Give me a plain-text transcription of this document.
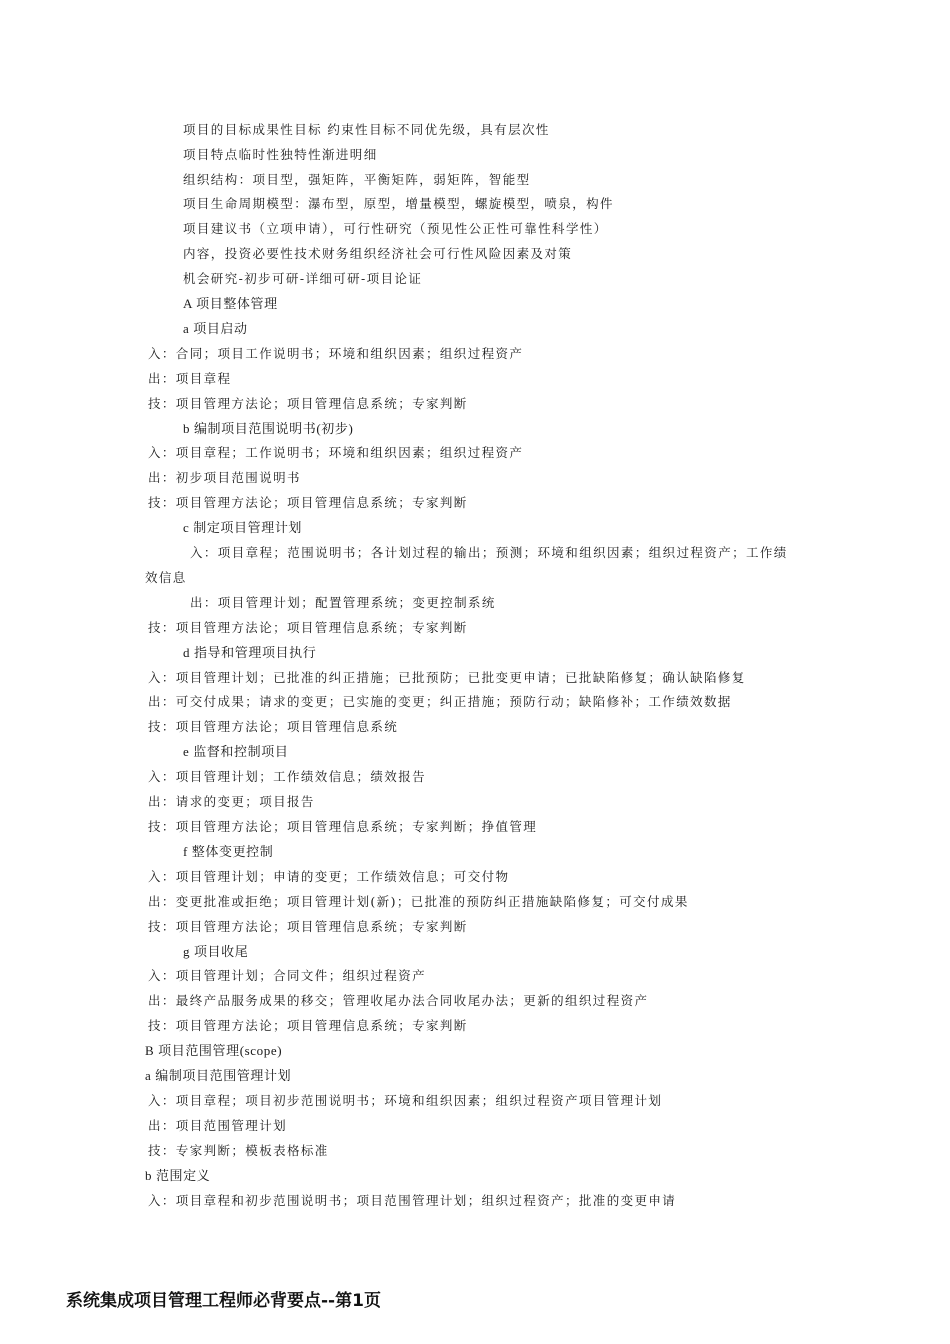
项目的目标成果性目标 约束性目标不同优先级，具有层次性
项目特点临时性独特性渐进明细
组织结构：项目型，强矩阵，平衡矩阵，弱矩阵，智能型
项目生命周期模型：瀑布型，原型，增量模型，螺旋模型，喷泉，构件
项目建议书（立项申请），可行性研究（预见性公正性可靠性科学性）
内容，投资必要性技术财务组织经济社会可行性风险因素及对策
机会研究-初步可研-详细可研-项目论证
A 项目整体管理
a 项目启动
入：合同；项目工作说明书；环境和组织因素；组织过程资产
出：项目章程
技：项目管理方法论；项目管理信息系统；专家判断
b 编制项目范围说明书(初步)
入：项目章程；工作说明书；环境和组织因素；组织过程资产
出：初步项目范围说明书
技：项目管理方法论；项目管理信息系统；专家判断
c 制定项目管理计划
入：项目章程；范围说明书；各计划过程的输出；预测；环境和组织因素；组织过程资产；工作绩
效信息
出：项目管理计划；配置管理系统；变更控制系统
技：项目管理方法论；项目管理信息系统；专家判断
d 指导和管理项目执行
入：项目管理计划；已批准的纠正措施；已批预防；已批变更申请；已批缺陷修复；确认缺陷修复
出：可交付成果；请求的变更；已实施的变更；纠正措施；预防行动；缺陷修补；工作绩效数据
技：项目管理方法论；项目管理信息系统
e 监督和控制项目
入：项目管理计划；工作绩效信息；绩效报告
出：请求的变更；项目报告
技：项目管理方法论；项目管理信息系统；专家判断；挣值管理
f 整体变更控制
入：项目管理计划；申请的变更；工作绩效信息；可交付物
出：变更批准或拒绝；项目管理计划(新)；已批准的预防纠正措施缺陷修复；可交付成果
技：项目管理方法论；项目管理信息系统；专家判断
g 项目收尾
入：项目管理计划；合同文件；组织过程资产
出：最终产品服务成果的移交；管理收尾办法合同收尾办法；更新的组织过程资产
技：项目管理方法论；项目管理信息系统；专家判断
B 项目范围管理(scope)
a 编制项目范围管理计划
入：项目章程；项目初步范围说明书；环境和组织因素；组织过程资产项目管理计划
出：项目范围管理计划
技：专家判断；模板表格标准
b 范围定义
入：项目章程和初步范围说明书；项目范围管理计划；组织过程资产；批准的变更申请
系统集成项目管理工程师必背要点--第1页
